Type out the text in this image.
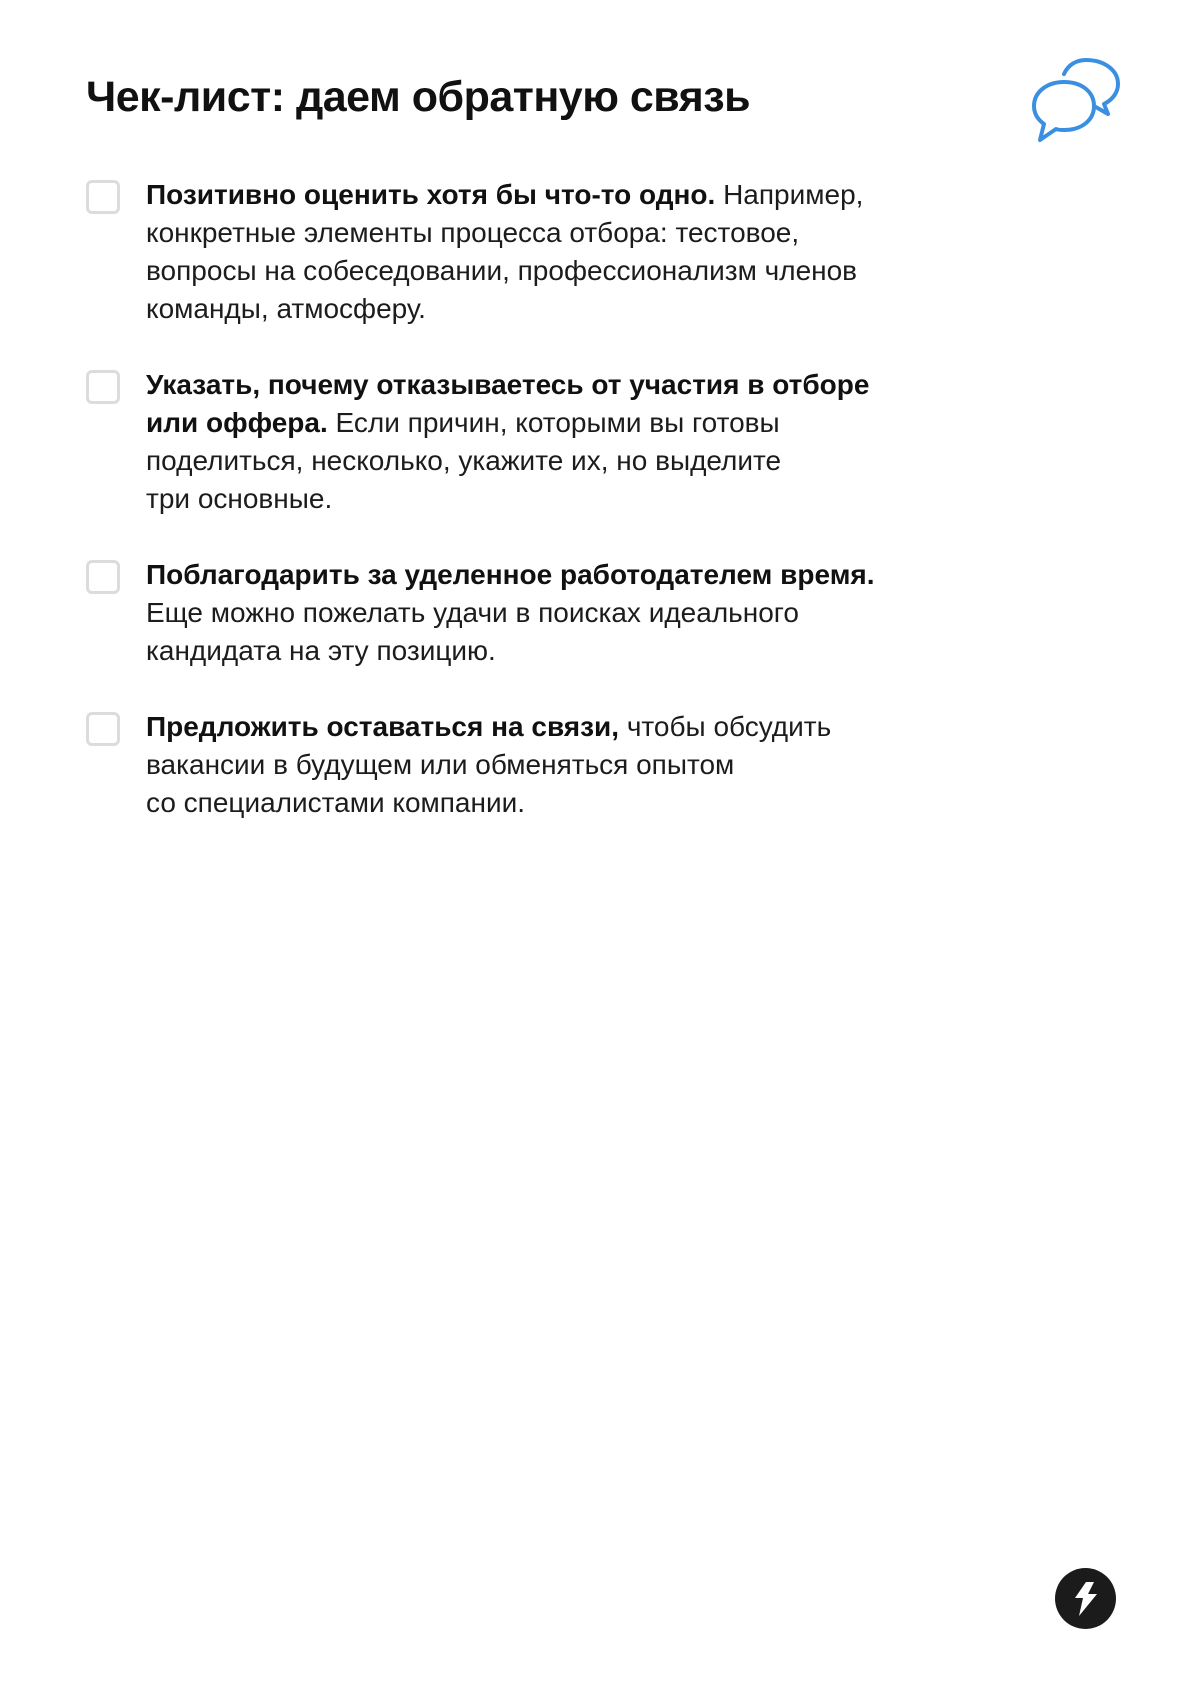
Чек-лист: даем обратную связь

Позитивно оценить хотя бы что-то одно. Например,
конкретные элементы процесса отбора: тестовое,
вопросы на собеседовании, профессионализм членов
команды, атмосферу.

Указать, почему отказываетесь от участия в отборе
или оффера. Если причин, которыми вы готовы
поделиться, несколько, укажите их, но выделите
три основные.

Поблагодарить за уделенное работодателем время.
Еще можно пожелать удачи в поисках идеального
кандидата на эту позицию.

Предложить оставаться на связи, чтобы обсудить
вакансии в будущем или обменяться опытом
со специалистами компании.
